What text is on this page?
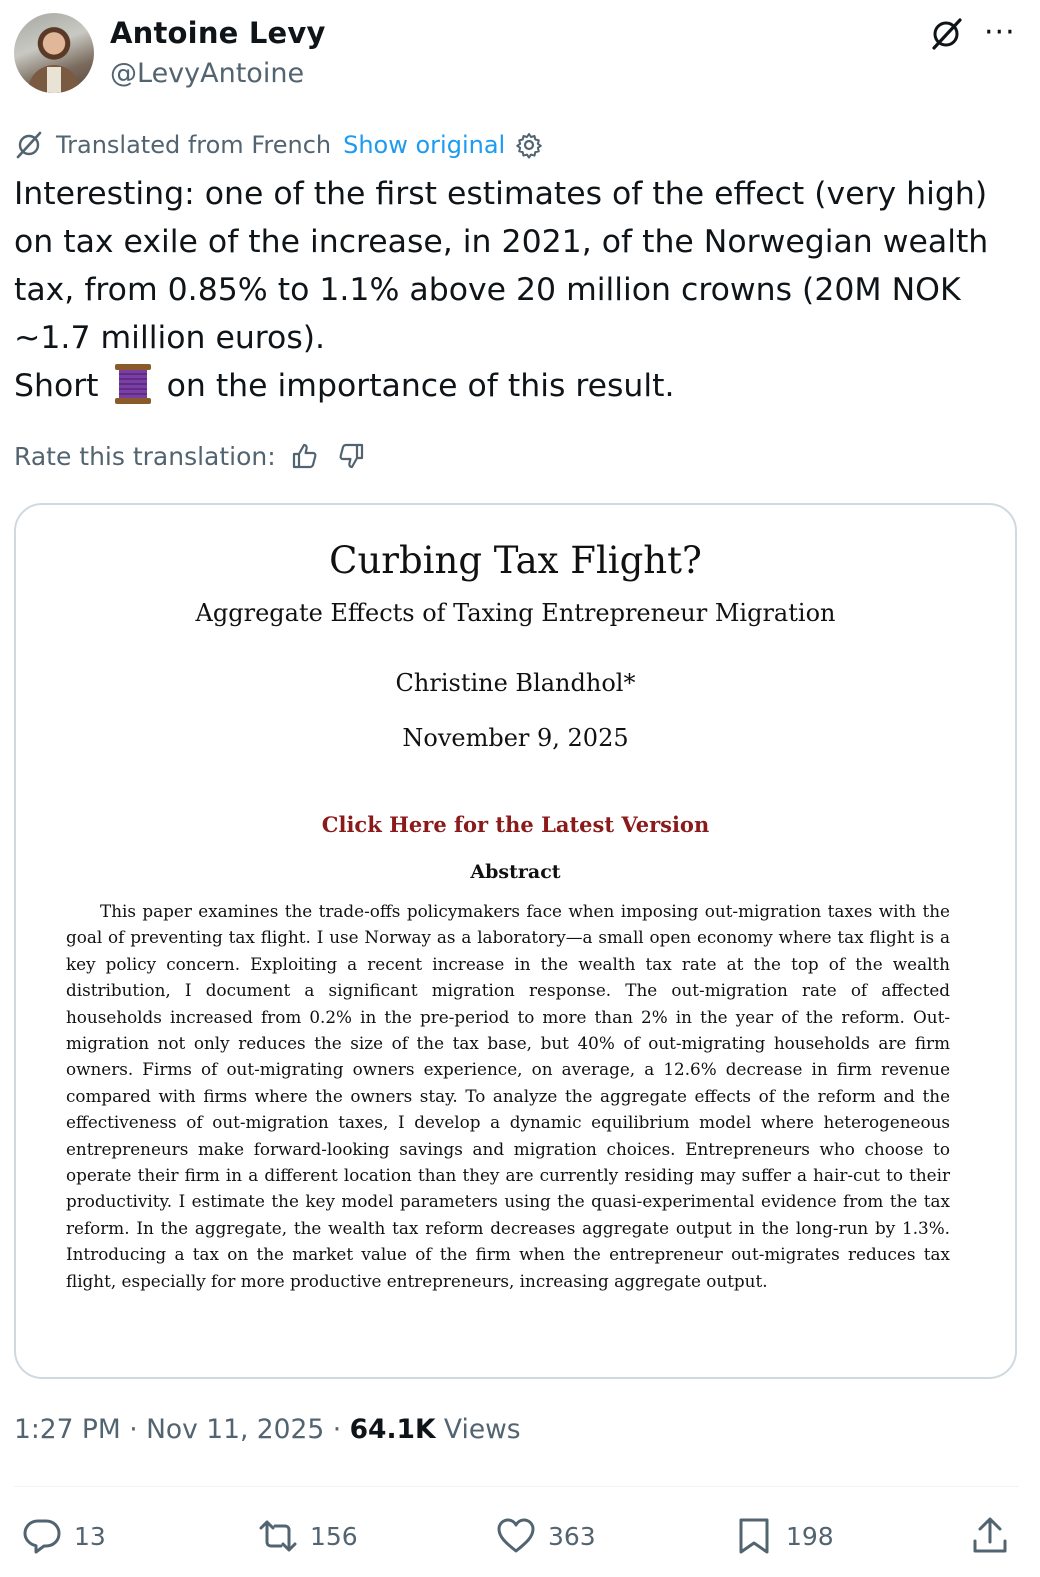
Antoine Levy
@LevyAntoine
···
Translated from French Show original

Interesting: one of the first estimates of the effect (very high) on tax exile of the increase, in 2021, of the Norwegian wealth tax, from 0.85% to 1.1% above 20 million crowns (20M NOK ~1.7 million euros).

Short on the importance of this result.

Rate this translation:
Curbing Tax Flight?
Aggregate Effects of Taxing Entrepreneur Migration
Christine Blandhol*
November 9, 2025
Click Here for the Latest Version
Abstract

This paper examines the trade-offs policymakers face when imposing out-migration taxes with the goal of preventing tax flight. I use Norway as a laboratory—a small open economy where tax flight is a key policy concern. Exploiting a recent increase in the wealth tax rate at the top of the wealth distribution, I document a significant migration response. The out-migration rate of affected households increased from 0.2% in the pre-period to more than 2% in the year of the reform. Out-migration not only reduces the size of the tax base, but 40% of out-migrating households are firm owners. Firms of out-migrating owners experience, on average, a 12.6% decrease in firm revenue compared with firms where the owners stay. To analyze the aggregate effects of the reform and the effectiveness of out-migration taxes, I develop a dynamic equilibrium model where heterogeneous entrepreneurs make forward-looking savings and migration choices. Entrepreneurs who choose to operate their firm in a different location than they are currently residing may suffer a hair-cut to their productivity. I estimate the key model parameters using the quasi-experimental evidence from the tax reform. In the aggregate, the wealth tax reform decreases aggregate output in the long-run by 1.3%. Introducing a tax on the market value of the firm when the entrepreneur out-migrates reduces tax flight, especially for more productive entrepreneurs, increasing aggregate output.

1:27 PM · Nov 11, 2025 · 64.1K Views
13	156	363	198
